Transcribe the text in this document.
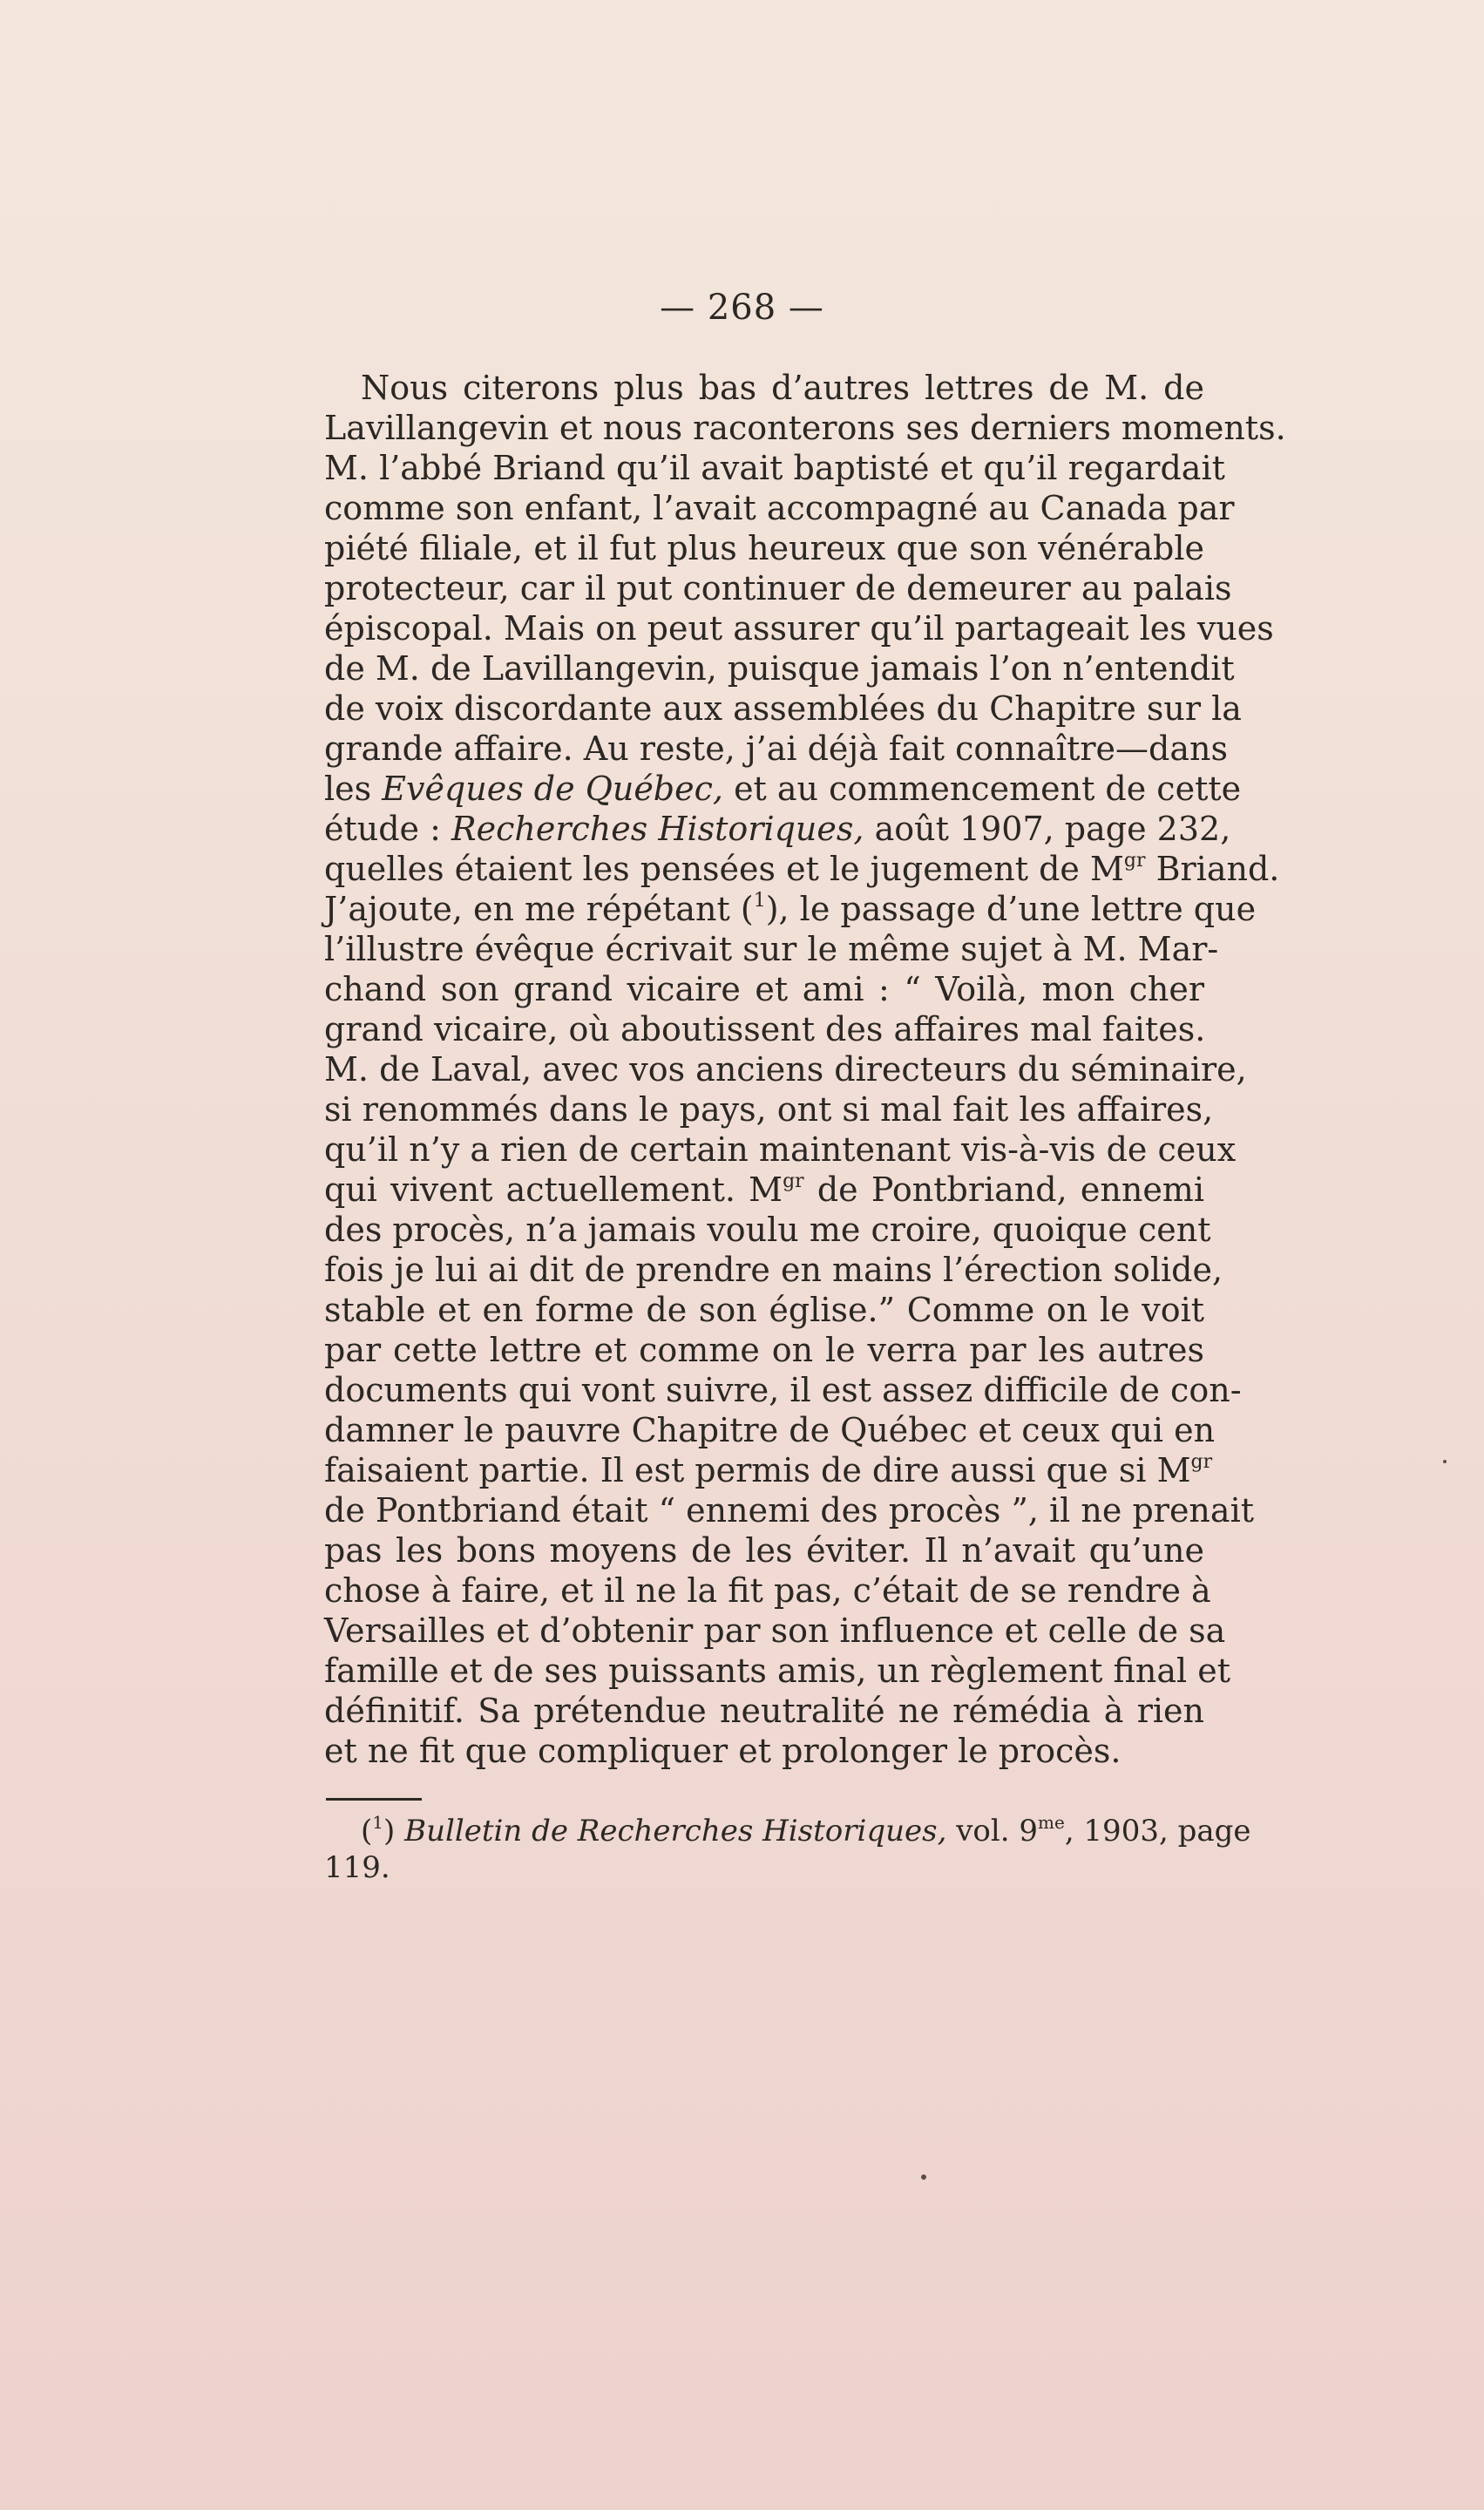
— 268 —
Nous citerons plus bas d’autres lettres de M. de
Lavillangevin et nous raconterons ses derniers moments.
M. l’abbé Briand qu’il avait baptisté et qu’il regardait
comme son enfant, l’avait accompagné au Canada par
piété filiale, et il fut plus heureux que son vénérable
protecteur, car il put continuer de demeurer au palais
épiscopal. Mais on peut assurer qu’il partageait les vues
de M. de Lavillangevin, puisque jamais l’on n’entendit
de voix discordante aux assemblées du Chapitre sur la
grande affaire. Au reste, j’ai déjà fait connaître—dans
les Evêques de Québec, et au commencement de cette
étude : Recherches Historiques, août 1907, page 232,
quelles étaient les pensées et le jugement de $M^{gr}$ Briand.
J’ajoute, en me répétant ($^1$), le passage d’une lettre que
l’illustre évêque écrivait sur le même sujet à M. Mar-
chand son grand vicaire et ami : “ Voilà, mon cher
grand vicaire, où aboutissent des affaires mal faites.
M. de Laval, avec vos anciens directeurs du séminaire,
si renommés dans le pays, ont si mal fait les affaires,
qu’il n’y a rien de certain maintenant vis-à-vis de ceux
qui vivent actuellement. $M^{gr}$ de Pontbriand, ennemi
des procès, n’a jamais voulu me croire, quoique cent
fois je lui ai dit de prendre en mains l’érection solide,
stable et en forme de son église.” Comme on le voit
par cette lettre et comme on le verra par les autres
documents qui vont suivre, il est assez difficile de con-
damner le pauvre Chapitre de Québec et ceux qui en
faisaient partie. Il est permis de dire aussi que si $M^{gr}$
de Pontbriand était “ ennemi des procès ”, il ne prenait
pas les bons moyens de les éviter. Il n’avait qu’une
chose à faire, et il ne la fit pas, c’était de se rendre à
Versailles et d’obtenir par son influence et celle de sa
famille et de ses puissants amis, un règlement final et
définitif. Sa prétendue neutralité ne rémédia à rien
et ne fit que compliquer et prolonger le procès.
($^1$) Bulletin de Recherches Historiques, vol. $9^{me}$, 1903, page
119.
